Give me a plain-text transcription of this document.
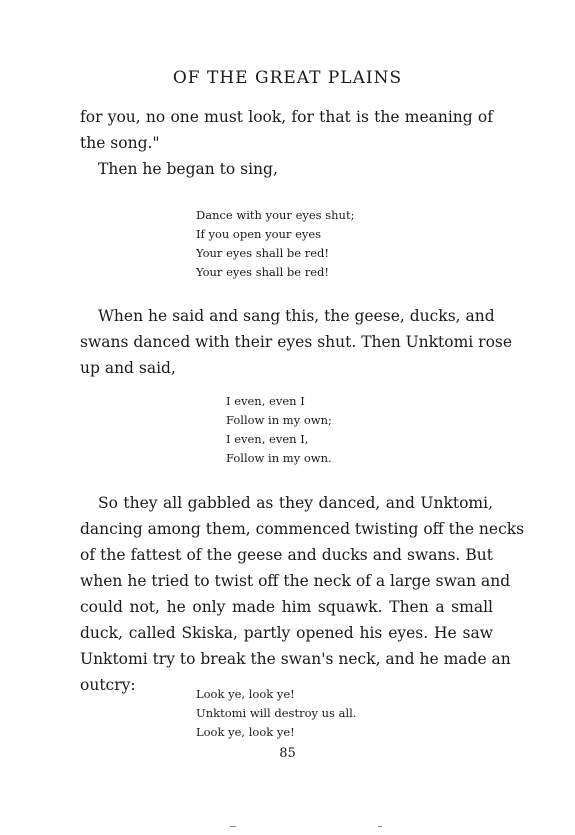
OF THE GREAT PLAINS
for you, no one must look, for that is the meaning of
the song."
Then he began to sing,
Dance with your eyes shut;
If you open your eyes
Your eyes shall be red!
Your eyes shall be red!
When he said and sang this, the geese, ducks, and
swans danced with their eyes shut. Then Unktomi rose
up and said,
I even, even I
Follow in my own;
I even, even I,
Follow in my own.
So they all gabbled as they danced, and Unktomi,
dancing among them, commenced twisting off the necks
of the fattest of the geese and ducks and swans. But
when he tried to twist off the neck of a large swan and
could not, he only made him squawk. Then a small
duck, called Skiska, partly opened his eyes. He saw
Unktomi try to break the swan's neck, and he made an
outcry:	Look ye, look ye!
Unktomi will destroy us all.
Look ye, look ye!
85
